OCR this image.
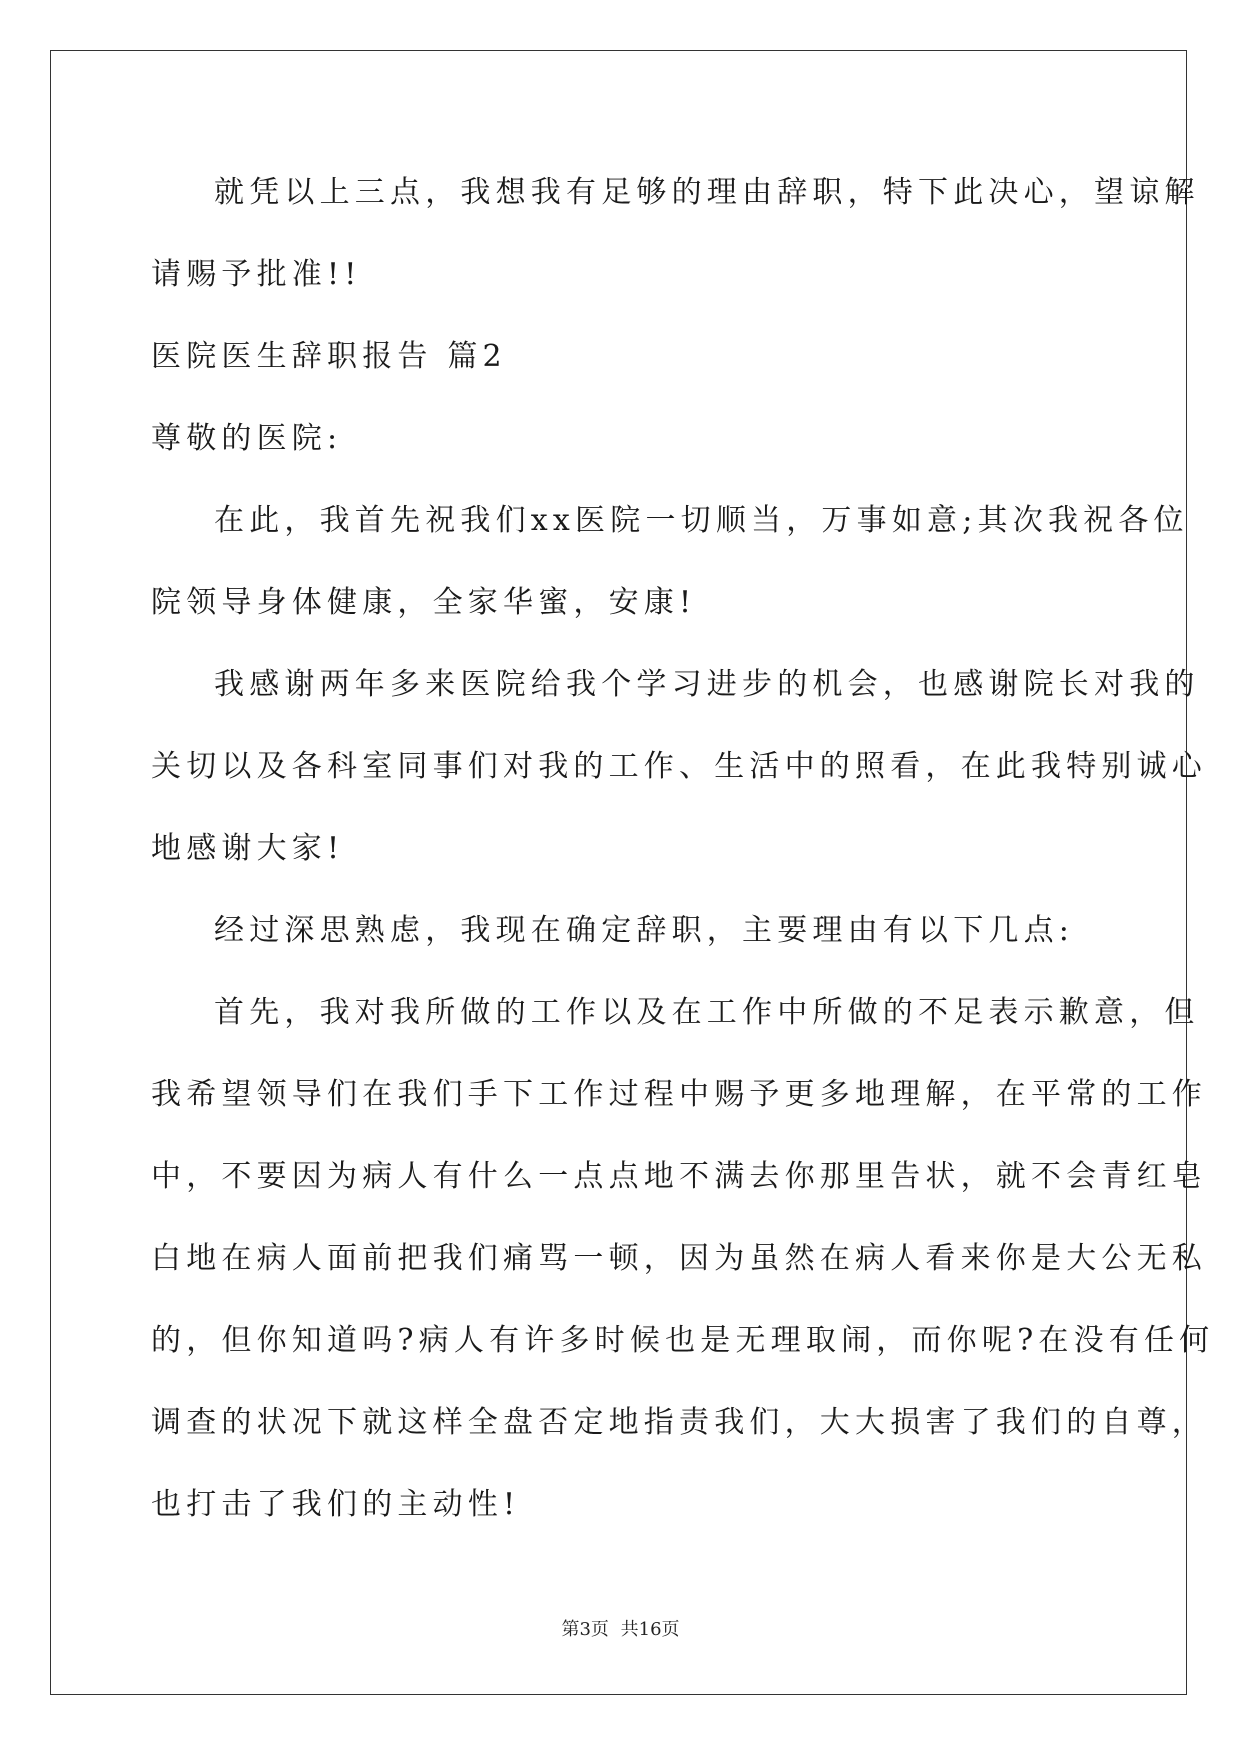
就凭以上三点，我想我有足够的理由辞职，特下此决心，望谅解
请赐予批准!!
医院医生辞职报告 篇2
尊敬的医院:
在此，我首先祝我们xx医院一切顺当，万事如意;其次我祝各位
院领导身体健康，全家华蜜，安康!
我感谢两年多来医院给我个学习进步的机会，也感谢院长对我的
关切以及各科室同事们对我的工作、生活中的照看，在此我特别诚心
地感谢大家!
经过深思熟虑，我现在确定辞职，主要理由有以下几点:
首先，我对我所做的工作以及在工作中所做的不足表示歉意，但
我希望领导们在我们手下工作过程中赐予更多地理解，在平常的工作
中，不要因为病人有什么一点点地不满去你那里告状，就不会青红皂
白地在病人面前把我们痛骂一顿，因为虽然在病人看来你是大公无私
的，但你知道吗?病人有许多时候也是无理取闹，而你呢?在没有任何
调查的状况下就这样全盘否定地指责我们，大大损害了我们的自尊，
也打击了我们的主动性!
第3页 共16页
